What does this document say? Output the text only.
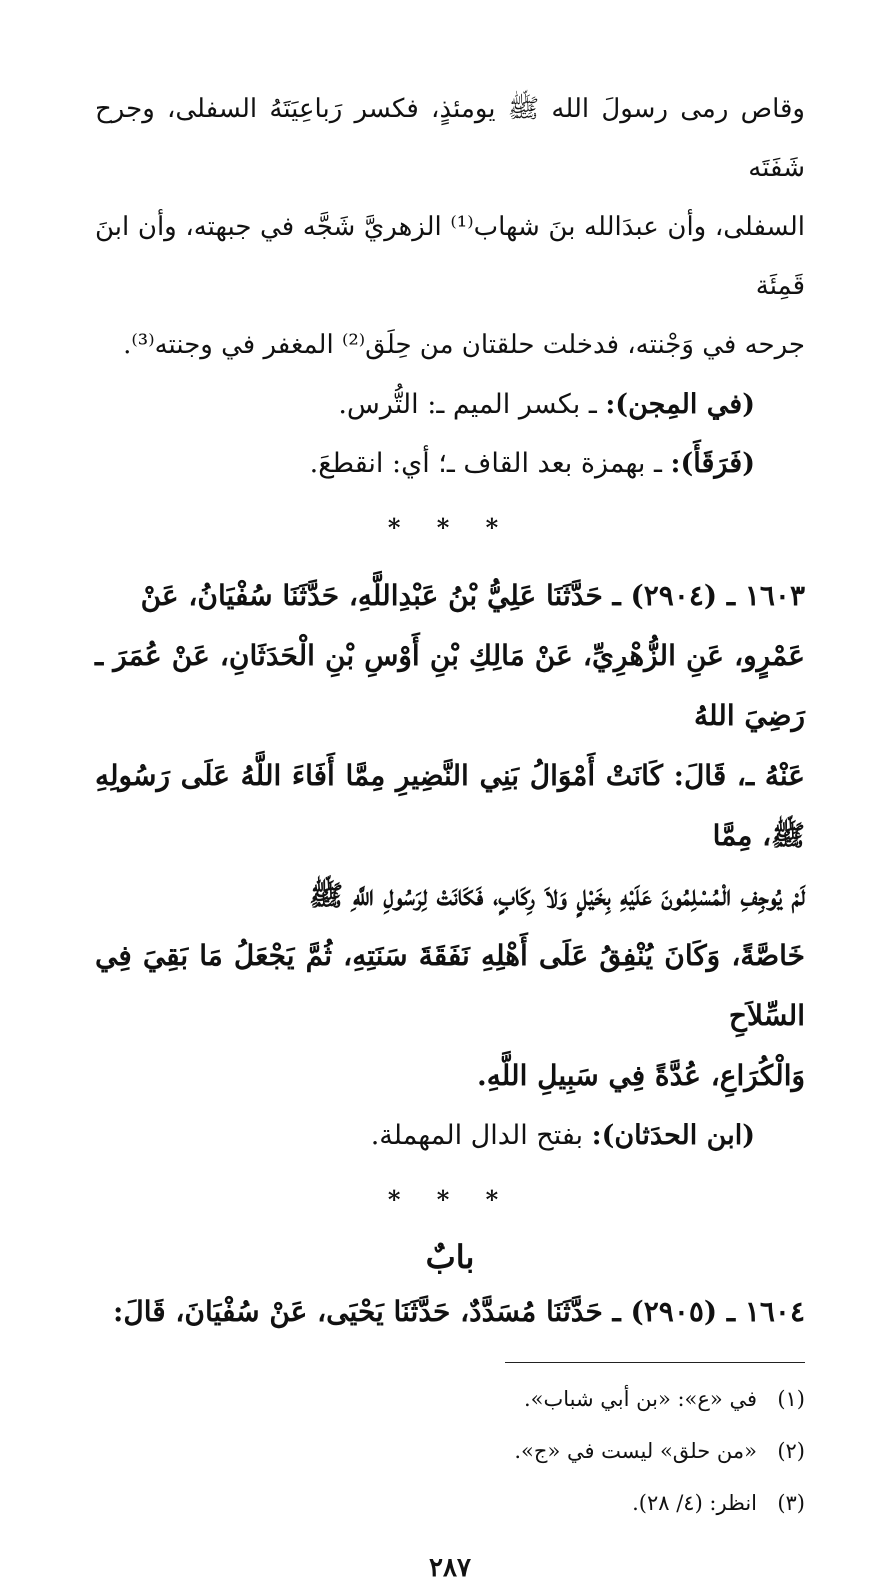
وقاص رمى رسولَ الله ﷺ يومئذٍ، فكسر رَباعِيَتَهُ السفلى، وجرح شَفَتَه
السفلى، وأن عبدَالله بنَ شهاب⁽¹⁾ الزهريَّ شَجَّه في جبهته، وأن ابنَ قَمِئَة
جرحه في وَجْنته، فدخلت حلقتان من حِلَق⁽²⁾ المغفر في وجنته⁽³⁾.

(في المِجن): ـ بكسر الميم ـ: التُّرس.

(فَرَقَأَ): ـ بهمزة بعد القاف ـ؛ أي: انقطعَ.

* * *
١٦٠٣ ـ (٢٩٠٤) ـ حَدَّثَنَا عَلِيُّ بْنُ عَبْدِاللَّهِ، حَدَّثَنَا سُفْيَانُ، عَنْ
عَمْرٍو، عَنِ الزُّهْرِيِّ، عَنْ مَالِكِ بْنِ أَوْسِ بْنِ الْحَدَثَانِ، عَنْ عُمَرَ ـ رَضِيَ اللهُ
عَنْهُ ـ، قَالَ: كَانَتْ أَمْوَالُ بَنِي النَّضِيرِ مِمَّا أَفَاءَ اللَّهُ عَلَى رَسُولِهِ ﷺ، مِمَّا
لَمْ يُوجِفِ الْمُسْلِمُونَ عَلَيْهِ بِخَيْلٍ وَلاَ رِكَابٍ، فَكَانَتْ لِرَسُولِ اللَّهِ ﷺ
خَاصَّةً، وَكَانَ يُنْفِقُ عَلَى أَهْلِهِ نَفَقَةَ سَنَتِهِ، ثُمَّ يَجْعَلُ مَا بَقِيَ فِي السِّلاَحِ
وَالْكُرَاعِ، عُدَّةً فِي سَبِيلِ اللَّهِ.

(ابن الحدَثان): بفتح الدال المهملة.

* * *
بابٌ
١٦٠٤ ـ (٢٩٠٥) ـ حَدَّثَنَا مُسَدَّدٌ، حَدَّثَنَا يَحْيَى، عَنْ سُفْيَانَ، قَالَ:

(١)في «ع»: «بن أبي شباب».

(٢)«من حلق» ليست في «ج».

(٣)انظر: (٤/ ٢٨).

٢٨٧
